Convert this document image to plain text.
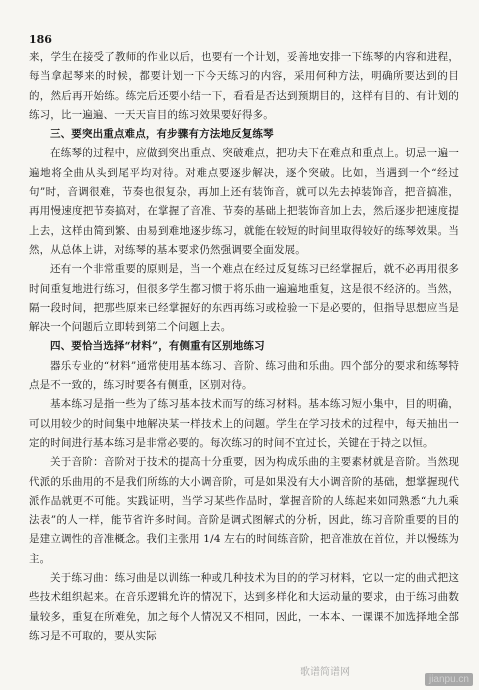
186

来，学生在接受了教师的作业以后，也要有一个计划，妥善地安排一下练琴的内容和进程，每当拿起琴来的时候，都要计划一下今天练习的内容，采用何种方法，明确所要达到的目的，然后再开始练。练完后还要小结一下，看看是否达到预期目的，这样有目的、有计划的练习，比一遍遍、一天天盲目的练习效果要好得多。

三、要突出重点难点，有步骤有方法地反复练琴

在练琴的过程中，应做到突出重点、突破难点，把功夫下在难点和重点上。切忌一遍一遍地将全曲从头到尾平均对待。对难点要逐步解决，逐个突破。比如，当遇到一个“经过句”时，音调很难，节奏也很复杂，再加上还有装饰音，就可以先去掉装饰音，把音搞准，再用慢速度把节奏搞对，在掌握了音准、节奏的基础上把装饰音加上去，然后逐步把速度提上去，这样由简到繁、由易到难地逐步练习，就能在较短的时间里取得较好的练琴效果。当然，从总体上讲，对练琴的基本要求仍然强调要全面发展。

还有一个非常重要的原则是，当一个难点在经过反复练习已经掌握后，就不必再用很多时间重复地进行练习，但很多学生都习惯于将乐曲一遍遍地重复，这是很不经济的。当然，隔一段时间，把那些原来已经掌握好的东西再练习或检验一下是必要的，但指导思想应当是解决一个问题后立即转到第二个问题上去。

四、要恰当选择“材料”，有侧重有区别地练习

器乐专业的“材料”通常使用基本练习、音阶、练习曲和乐曲。四个部分的要求和练琴特点是不一致的，练习时要各有侧重，区别对待。

基本练习是指一些为了练习基本技术而写的练习材料。基本练习短小集中，目的明确，可以用较少的时间集中地解决某一样技术上的问题。学生在学习技术的过程中，每天抽出一定的时间进行基本练习是非常必要的。每次练习的时间不宜过长，关键在于持之以恒。

关于音阶：音阶对于技术的提高十分重要，因为构成乐曲的主要素材就是音阶。当然现代派的乐曲用的不是我们所练的大小调音阶，可是如果没有大小调音阶的基础，想掌握现代派作品就更不可能。实践证明，当学习某些作品时，掌握音阶的人练起来如同熟悉“九九乘法表”的人一样，能节省许多时间。音阶是调式图解式的分析，因此，练习音阶重要的目的是建立调性的音准概念。我们主张用 1/4 左右的时间练音阶，把音准放在首位，并以慢练为主。

关于练习曲：练习曲是以训练一种或几种技术为目的的学习材料，它以一定的曲式把这些技术组织起来。在音乐逻辑允许的情况下，达到多样化和大运动量的要求，由于练习曲数量较多，重复在所难免，加之每个人情况又不相同，因此，一本本、一课课不加选择地全部练习是不可取的，要从实际

歌谱简谱网
jianpu.cn
